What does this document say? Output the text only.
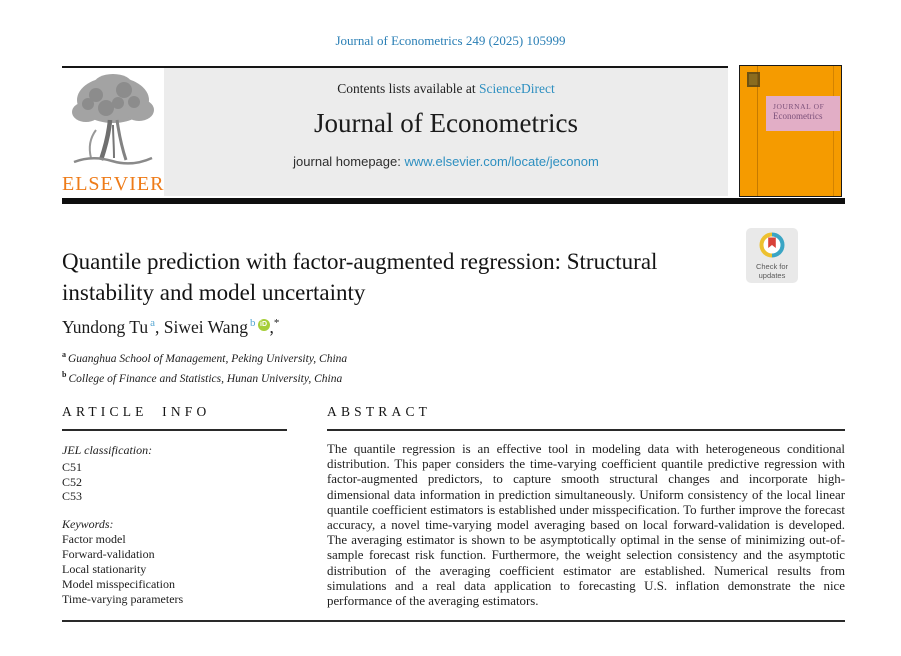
Journal of Econometrics 249 (2025) 105999
ELSEVIER
Contents lists available at ScienceDirect
Journal of Econometrics
journal homepage: www.elsevier.com/locate/jeconom
JOURNAL OF
Econometrics
Check for
updates
Quantile prediction with factor-augmented regression: Structural instability and model uncertainty
Yundong Tu $^a$, Siwei Wang $^b$ iD ,*
$^a$ Guanghua School of Management, Peking University, China
$^b$ College of Finance and Statistics, Hunan University, China
ARTICLE INFO
JEL classification:
C51
C52
C53
Keywords:
Factor model
Forward-validation
Local stationarity
Model misspecification
Time-varying parameters
ABSTRACT
The quantile regression is an effective tool in modeling data with heterogeneous conditional distribution. This paper considers the time-varying coefficient quantile predictive regression with factor-augmented predictors, to capture smooth structural changes and incorporate high-dimensional data information in prediction simultaneously. Uniform consistency of the local linear quantile coefficient estimators is established under misspecification. To further improve the forecast accuracy, a novel time-varying model averaging based on local forward-validation is developed. The averaging estimator is shown to be asymptotically optimal in the sense of minimizing out-of-sample forecast risk function. Furthermore, the weight selection consistency and the asymptotic distribution of the averaging coefficient estimator are established. Numerical results from simulations and a real data application to forecasting U.S. inflation demonstrate the nice performance of the averaging estimators.
